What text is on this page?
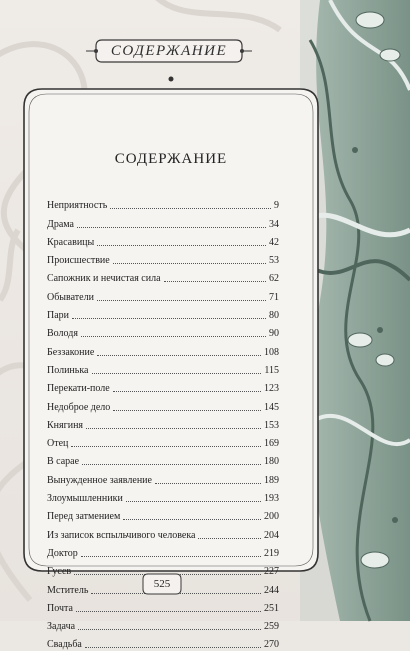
СОДЕРЖАНИЕ
СОДЕРЖАНИЕ
Неприятность	9
Драма	34
Красавицы	42
Происшествие	53
Сапожник и нечистая сила	62
Обыватели	71
Пари	80
Володя	90
Беззаконие	108
Полинька	115
Перекати-поле	123
Недоброе дело	145
Княгиня	153
Отец	169
В сарае	180
Вынужденное заявление	189
Злоумышленники	193
Перед затмением	200
Из записок вспыльчивого человека	204
Доктор	219
Гусев	227
Мститель	244
Почта	251
Задача	259
Свадьба	270
525
